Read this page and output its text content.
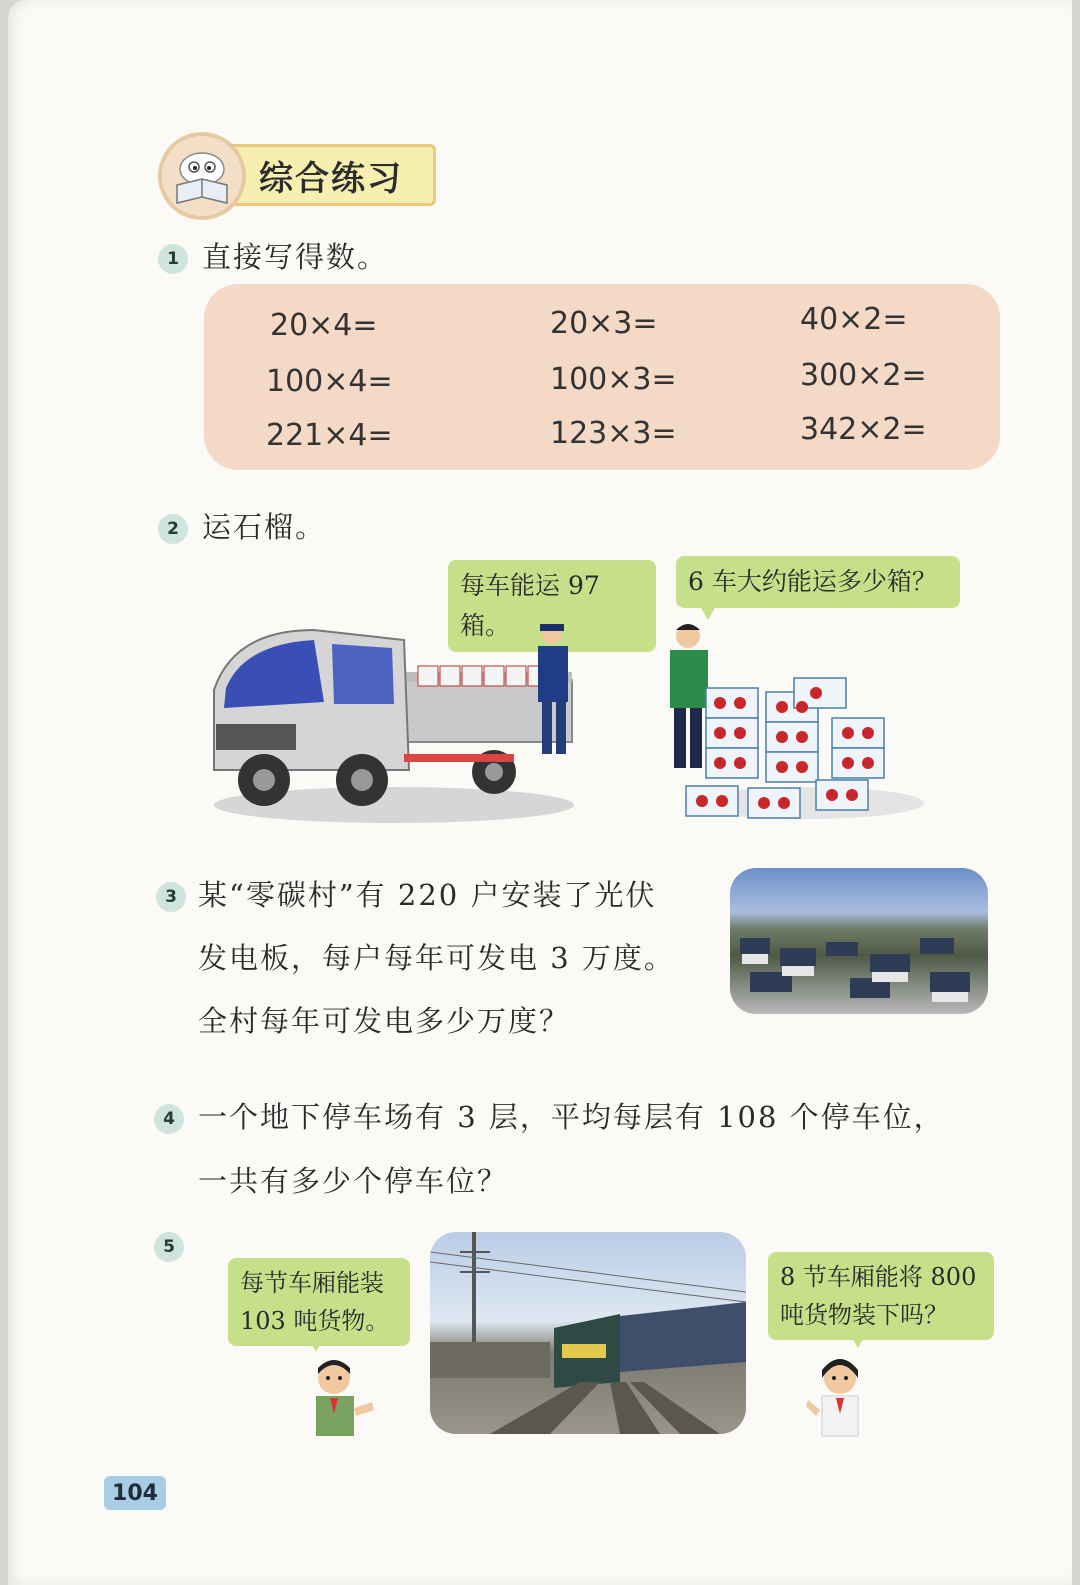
综合练习
1 直接写得数。
20×4=	20×3=	40×2=
100×4=	100×3=	300×2=
221×4=	123×3=	342×2=
2 运石榴。
每车能运 97 箱。
6 车大约能运多少箱？
3 某“零碳村”有 220 户安装了光伏
发电板，每户每年可发电 3 万度。
全村每年可发电多少万度？
4 一个地下停车场有 3 层，平均每层有 108 个停车位，
一共有多少个停车位？
5
每节车厢能装
103 吨货物。
8 节车厢能将 800
吨货物装下吗？
104
